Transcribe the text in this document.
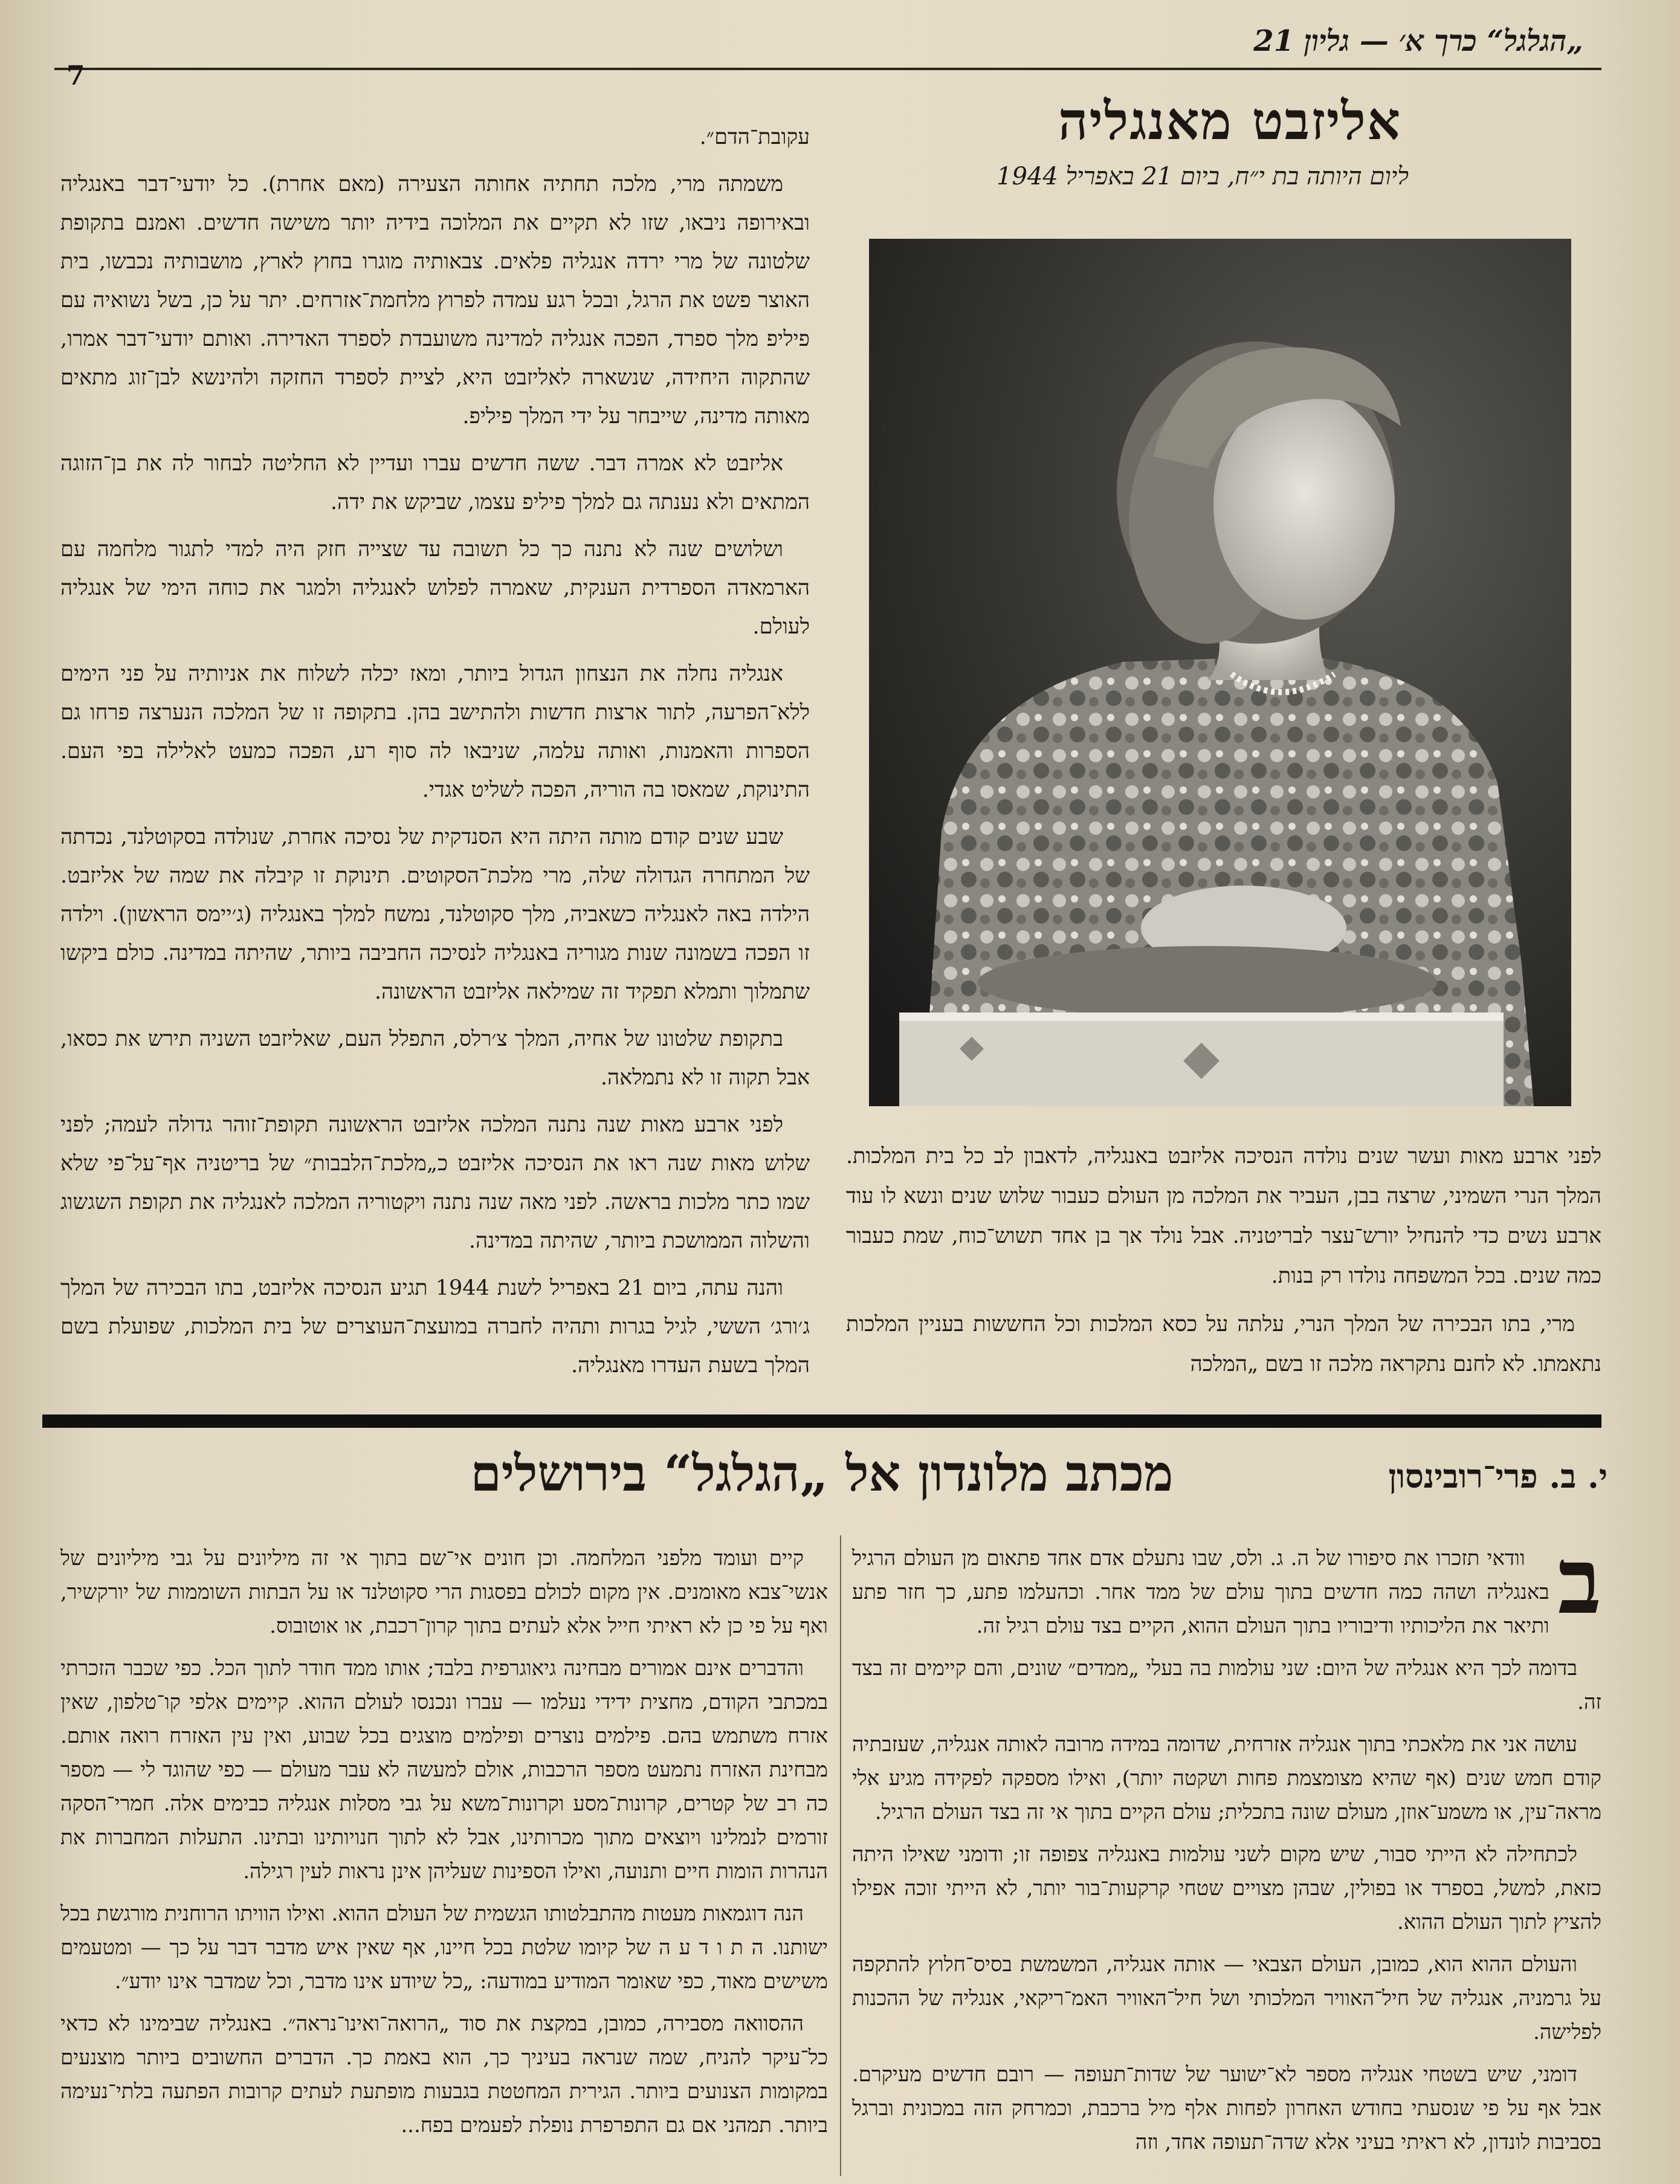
„הגלגל“ כרך א׳ — גליון 21
7
אליזבט מאנגליה
ליום היותה בת י״ח, ביום 21 באפריל 1944

לפני ארבע מאות ועשר שנים נולדה הנסיכה אליזבט באנגליה, לדאבון לב כל בית המלכות. המלך הנרי השמיני, שרצה בבן, העביר את המלכה מן העולם כעבור שלוש שנים ונשא לו עוד ארבע נשים כדי להנחיל יורש־עצר לבריטניה. אבל נולד אך בן אחד תשוש־כוח, שמת כעבור כמה שנים. בכל המשפחה נולדו רק בנות.

מרי, בתו הבכירה של המלך הנרי, עלתה על כסא המלכות וכל החששות בעניין המלכות נתאמתו. לא לחנם נתקראה מלכה זו בשם „המלכה

עקובת־הדם״.

משמתה מרי, מלכה תחתיה אחותה הצעירה (מאם אחרת). כל יודעי־דבר באנגליה ובאירופה ניבאו, שזו לא תקיים את המלוכה בידיה יותר משישה חדשים. ואמנם בתקופת שלטונה של מרי ירדה אנגליה פלאים. צבאותיה מוגרו בחוץ לארץ, מושבותיה נכבשו, בית האוצר פשט את הרגל, ובכל רגע עמדה לפרוץ מלחמת־אזרחים. יתר על כן, בשל נשואיה עם פיליפ מלך ספרד, הפכה אנגליה למדינה משועבדת לספרד האדירה. ואותם יודעי־דבר אמרו, שהתקוה היחידה, שנשארה לאליזבט היא, לציית לספרד החזקה ולהינשא לבן־זוג מתאים מאותה מדינה, שייבחר על ידי המלך פיליפ.

אליזבט לא אמרה דבר. ששה חדשים עברו ועדיין לא החליטה לבחור לה את בן־הזוגה המתאים ולא נענתה גם למלך פיליפ עצמו, שביקש את ידה.

ושלושים שנה לא נתנה כך כל תשובה עד שצייה חזק היה למדי לתגור מלחמה עם הארמאדה הספרדית הענקית, שאמרה לפלוש לאנגליה ולמגר את כוחה הימי של אנגליה לעולם.

אנגליה נחלה את הנצחון הגדול ביותר, ומאז יכלה לשלוח את אניותיה על פני הימים ללא־הפרעה, לתור ארצות חדשות ולהתישב בהן. בתקופה זו של המלכה הנערצה פרחו גם הספרות והאמנות, ואותה עלמה, שניבאו לה סוף רע, הפכה כמעט לאלילה בפי העם. התינוקת, שמאסו בה הוריה, הפכה לשליט אגדי.

שבע שנים קודם מותה היתה היא הסנדקית של נסיכה אחרת, שנולדה בסקוטלנד, נכדתה של המתחרה הגדולה שלה, מרי מלכת־הסקוטים. תינוקת זו קיבלה את שמה של אליזבט. הילדה באה לאנגליה כשאביה, מלך סקוטלנד, נמשח למלך באנגליה (ג׳יימס הראשון). וילדה זו הפכה בשמונה שנות מגוריה באנגליה לנסיכה החביבה ביותר, שהיתה במדינה. כולם ביקשו שתמלוך ותמלא תפקיד זה שמילאה אליזבט הראשונה.

בתקופת שלטונו של אחיה, המלך צ׳רלס, התפלל העם, שאליזבט השניה תירש את כסאו, אבל תקוה זו לא נתמלאה.

לפני ארבע מאות שנה נתנה המלכה אליזבט הראשונה תקופת־זוהר גדולה לעמה; לפני שלוש מאות שנה ראו את הנסיכה אליזבט כ„מלכת־הלבבות״ של בריטניה אף־על־פי שלא שמו כתר מלכות בראשה. לפני מאה שנה נתנה ויקטוריה המלכה לאנגליה את תקופת השגשוג והשלוה הממושכת ביותר, שהיתה במדינה.

והנה עתה, ביום 21 באפריל לשנת 1944 תגיע הנסיכה אליזבט, בתו הבכירה של המלך ג׳ורג׳ הששי, לגיל בגרות ותהיה לחברה במועצת־העוצרים של בית המלכות, שפועלת בשם המלך בשעת העדרו מאנגליה.

מכתב מלונדון אל „הגלגל“ בירושלים	י. ב. פרי־רובינסון
ב

וודאי תזכרו את סיפורו של ה. ג. ולס, שבו נתעלם אדם אחד פתאום מן העולם הרגיל באנגליה ושהה כמה חדשים בתוך עולם של ממד אחר. וכהעלמו פתע, כך חזר פתע ותיאר את הליכותיו ודיבוריו בתוך העולם ההוא, הקיים בצד עולם רגיל זה.

בדומה לכך היא אנגליה של היום: שני עולמות בה בעלי „ממדים״ שונים, והם קיימים זה בצד זה.

עושה אני את מלאכתי בתוך אנגליה אזרחית, שדומה במידה מרובה לאותה אנגליה, שעזבתיה קודם חמש שנים (אף שהיא מצומצמת פחות ושקטה יותר), ואילו מספקה לפקידה מגיע אלי מראה־עין, או משמע־אוזן, מעולם שונה בתכלית; עולם הקיים בתוך אי זה בצד העולם הרגיל.

לכתחילה לא הייתי סבור, שיש מקום לשני עולמות באנגליה צפופה זו; ודומני שאילו היתה כזאת, למשל, בספרד או בפולין, שבהן מצויים שטחי קרקעות־בור יותר, לא הייתי זוכה אפילו להציץ לתוך העולם ההוא.

והעולם ההוא הוא, כמובן, העולם הצבאי — אותה אנגליה, המשמשת בסיס־חלוץ להתקפה על גרמניה, אנגליה של חיל־האוויר המלכותי ושל חיל־האוויר האמ־ריקאי, אנגליה של ההכנות לפלישה.

דומני, שיש בשטחי אנגליה מספר לא־ישוער של שדות־תעופה — רובם חדשים מעיקרם. אבל אף על פי שנסעתי בחודש האחרון לפחות אלף מיל ברכבת, וכמרחק הזה במכונית וברגל בסביבות לונדון, לא ראיתי בעיני אלא שדה־תעופה אחד, וזה

קיים ועומד מלפני המלחמה. וכן חונים אי־שם בתוך אי זה מיליונים על גבי מיליונים של אנשי־צבא מאומנים. אין מקום לכולם בפסגות הרי סקוטלנד או על הבתות השוממות של יורקשיר, ואף על פי כן לא ראיתי חייל אלא לעתים בתוך קרון־רכבת, או אוטובוס.

והדברים אינם אמורים מבחינה גיאוגרפית בלבד; אותו ממד חודר לתוך הכל. כפי שכבר הזכרתי במכתבי הקודם, מחצית ידידי נעלמו — עברו ונכנסו לעולם ההוא. קיימים אלפי קו־טלפון, שאין אזרח משתמש בהם. פילמים נוצרים ופילמים מוצגים בכל שבוע, ואין עין האזרח רואה אותם. מבחינת האזרח נתמעט מספר הרכבות, אולם למעשה לא עבר מעולם — כפי שהוגד לי — מספר כה רב של קטרים, קרונות־מסע וקרונות־משא על גבי מסלות אנגליה כבימים אלה. חמרי־הסקה זורמים לנמלינו ויוצאים מתוך מכרותינו, אבל לא לתוך חנויותינו ובתינו. התעלות המחברות את הנהרות הומות חיים ותנועה, ואילו הספינות שעליהן אינן נראות לעין רגילה.

הנה דוגמאות מעטות מהתבלטותו הגשמית של העולם ההוא. ואילו הוויתו הרוחנית מורגשת בכל ישותנו. ה ת ו ד ע ה של קיומו שלטת בכל חיינו, אף שאין איש מדבר דבר על כך — ומטעמים משישים מאוד, כפי שאומר המודיע במודעה: „כל שיודע אינו מדבר, וכל שמדבר אינו יודע״.

ההסוואה מסבירה, כמובן, במקצת את סוד „הרואה־ואינו־נראה״. באנגליה שבימינו לא כדאי כל־עיקר להניח, שמה שנראה בעיניך כך, הוא באמת כך. הדברים החשובים ביותר מוצנעים במקומות הצנועים ביותר. הגירית המחטטת בגבעות מופתעת לעתים קרובות הפתעה בלתי־נעימה ביותר. תמהני אם גם התפרפרת נופלת לפעמים בפח...
